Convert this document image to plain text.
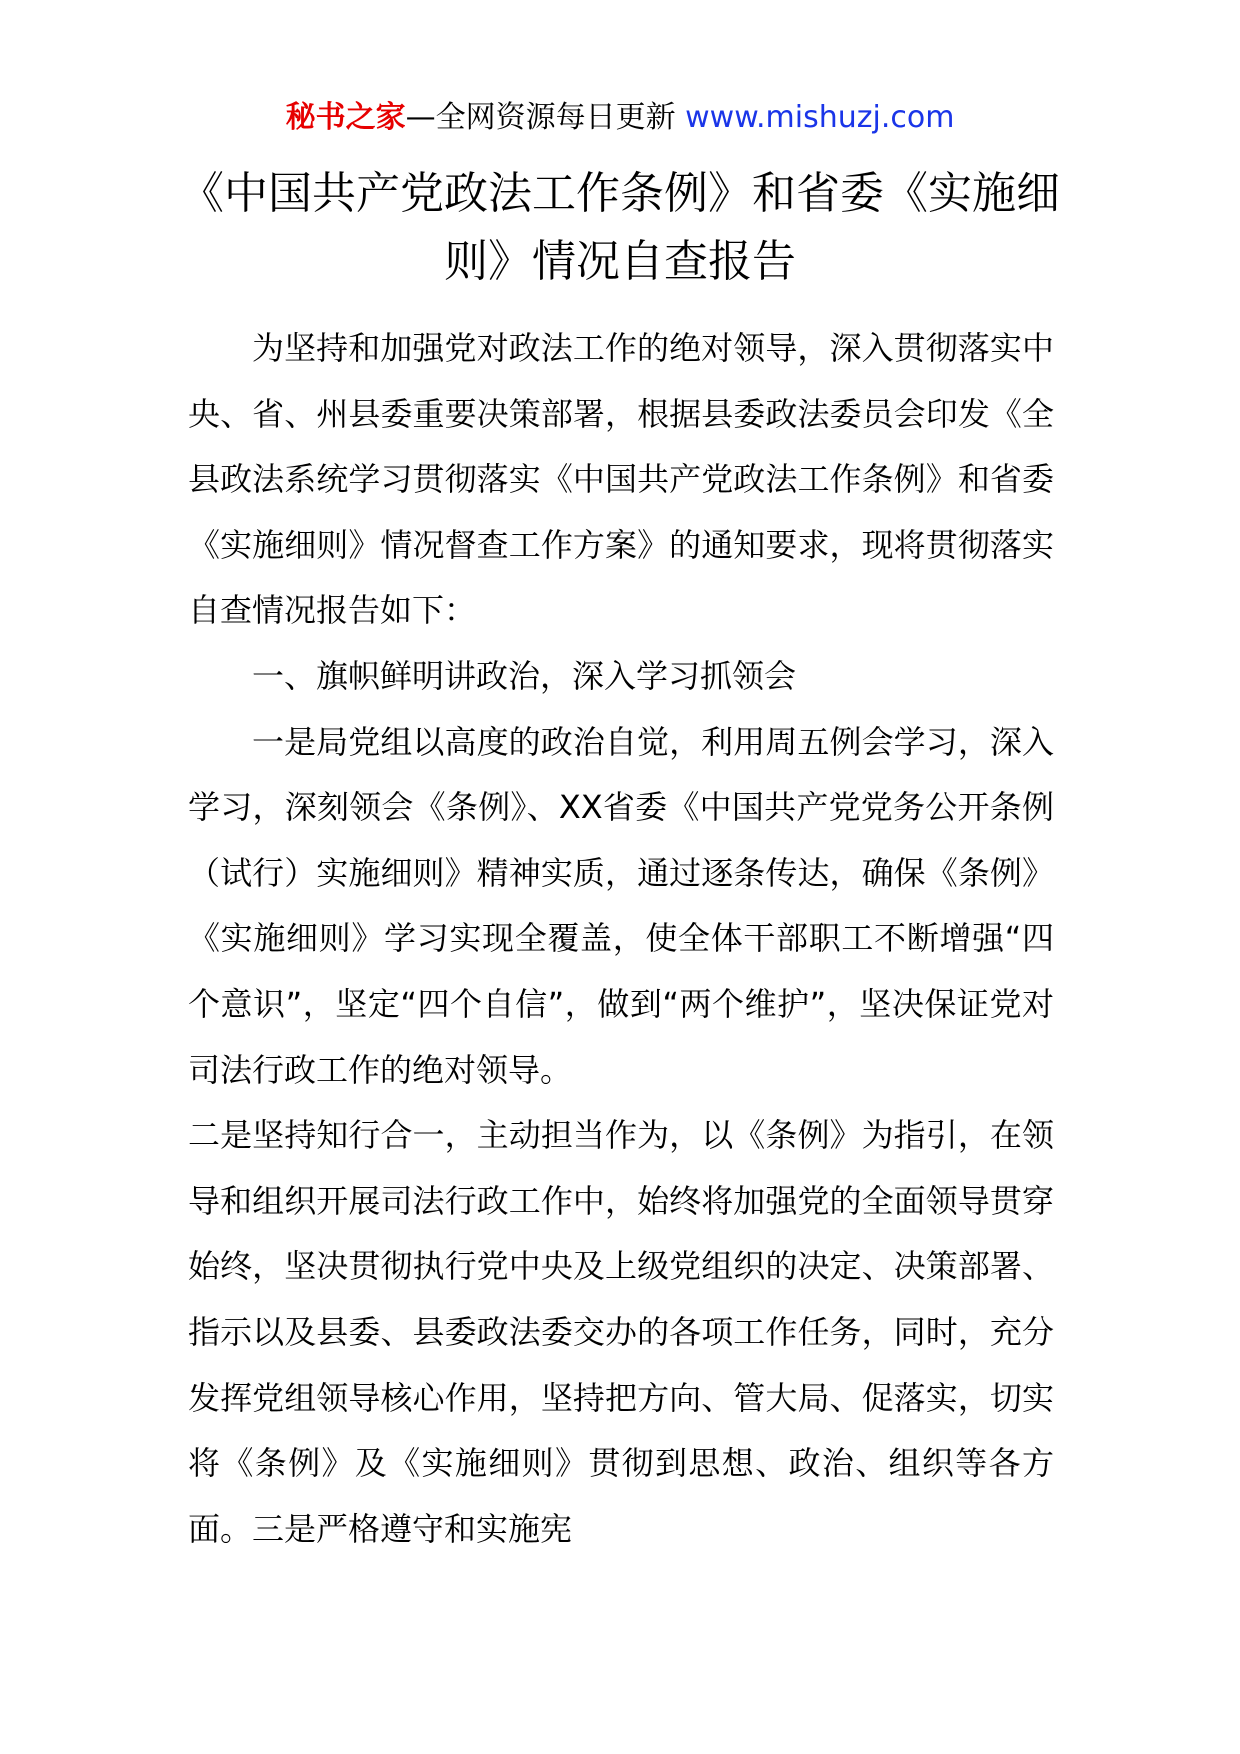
秘书之家—全网资源每日更新 www.mishuzj.com
《中国共产党政法工作条例》和省委《实施细则》情况自查报告

为坚持和加强党对政法工作的绝对领导，深入贯彻落实中央、省、州县委重要决策部署，根据县委政法委员会印发《全县政法系统学习贯彻落实《中国共产党政法工作条例》和省委《实施细则》情况督查工作方案》的通知要求，现将贯彻落实自查情况报告如下：

一、旗帜鲜明讲政治，深入学习抓领会

一是局党组以高度的政治自觉，利用周五例会学习，深入学习，深刻领会《条例》、XX省委《中国共产党党务公开条例（试行）实施细则》精神实质，通过逐条传达，确保《条例》《实施细则》学习实现全覆盖，使全体干部职工不断增强“四个意识”，坚定“四个自信”，做到“两个维护”，坚决保证党对司法行政工作的绝对领导。

二是坚持知行合一，主动担当作为，以《条例》为指引，在领导和组织开展司法行政工作中，始终将加强党的全面领导贯穿始终，坚决贯彻执行党中央及上级党组织的决定、决策部署、指示以及县委、县委政法委交办的各项工作任务，同时，充分发挥党组领导核心作用，坚持把方向、管大局、促落实，切实将《条例》及《实施细则》贯彻到思想、政治、组织等各方面。三是严格遵守和实施宪
